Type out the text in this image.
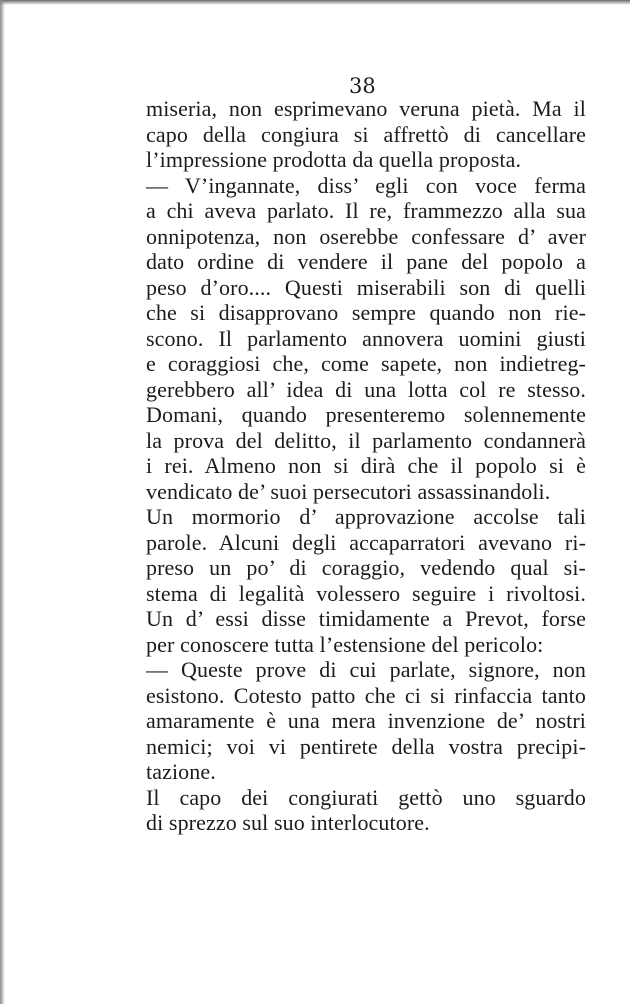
38
miseria, non esprimevano veruna pietà. Ma il
capo della congiura si affrettò di cancellare
l’impressione prodotta da quella proposta.
— V’ingannate, diss’ egli con voce ferma
a chi aveva parlato. Il re, frammezzo alla sua
onnipotenza, non oserebbe confessare d’ aver
dato ordine di vendere il pane del popolo a
peso d’oro.... Questi miserabili son di quelli
che si disapprovano sempre quando non rie-
scono. Il parlamento annovera uomini giusti
e coraggiosi che, come sapete, non indietreg-
gerebbero all’ idea di una lotta col re stesso.
Domani, quando presenteremo solennemente
la prova del delitto, il parlamento condannerà
i rei. Almeno non si dirà che il popolo si è
vendicato de’ suoi persecutori assassinandoli.
Un mormorio d’ approvazione accolse tali
parole. Alcuni degli accaparratori avevano ri-
preso un po’ di coraggio, vedendo qual si-
stema di legalità volessero seguire i rivoltosi.
Un d’ essi disse timidamente a Prevot, forse
per conoscere tutta l’estensione del pericolo:
— Queste prove di cui parlate, signore, non
esistono. Cotesto patto che ci si rinfaccia tanto
amaramente è una mera invenzione de’ nostri
nemici; voi vi pentirete della vostra precipi-
tazione.
Il capo dei congiurati gettò uno sguardo
di sprezzo sul suo interlocutore.
